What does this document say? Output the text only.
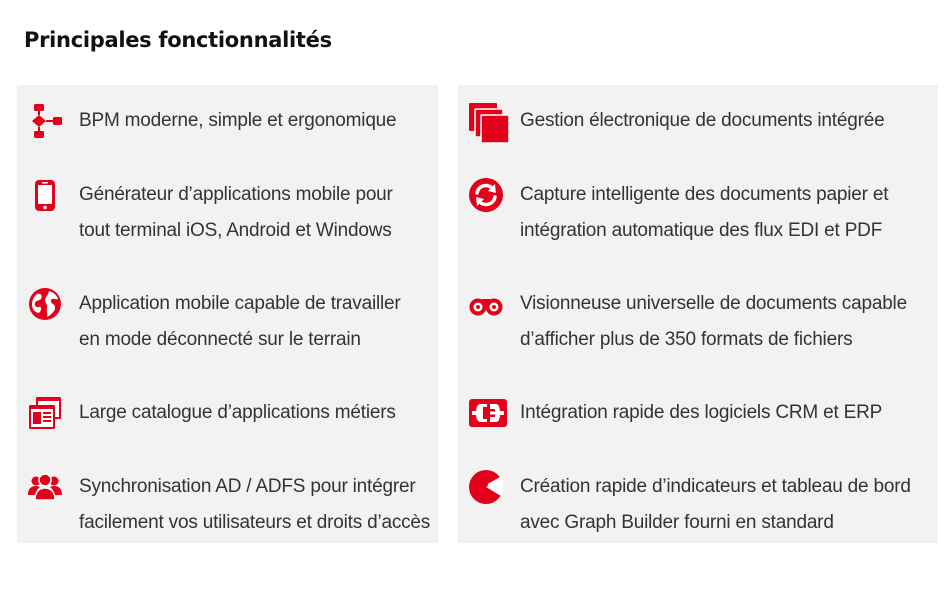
Principales fonctionnalités
BPM moderne, simple et ergonomique
Générateur d’applications mobile pour
tout terminal iOS, Android et Windows
Application mobile capable de travailler
en mode déconnecté sur le terrain
Large catalogue d’applications métiers
Synchronisation AD / ADFS pour intégrer
facilement vos utilisateurs et droits d’accès
Gestion électronique de documents intégrée
Capture intelligente des documents papier et
intégration automatique des flux EDI et PDF
Visionneuse universelle de documents capable
d’afficher plus de 350 formats de fichiers
Intégration rapide des logiciels CRM et ERP
Création rapide d’indicateurs et tableau de bord
avec Graph Builder fourni en standard
